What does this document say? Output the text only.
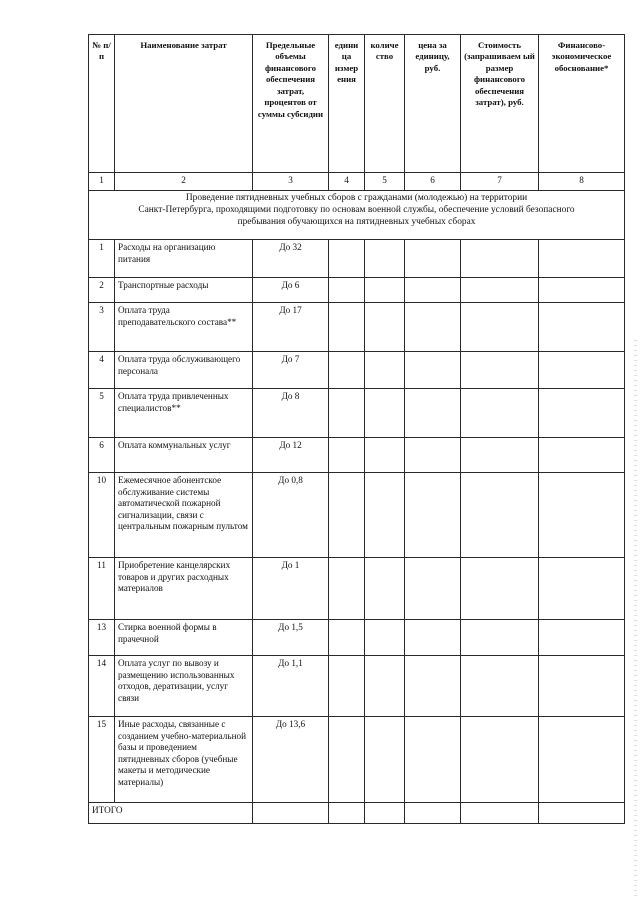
№ п/п	Наименование затрат	Предельные объемы финансового обеспечения затрат, процентов от суммы субсидии	едини ца измер ения	количе ство	цена за единицу, руб.	Стоимость (запрашиваем ый размер финансового обеспечения затрат), руб.	Финансово-экономическое обоснование*
1	2	3	4	5	6	7	8

Проведение пятидневных учебных сборов с гражданами (молодежью) на территории
Санкт-Петербурга, проходящими подготовку по основам военной службы, обеспечение условий безопасного
пребывания обучающихся на пятидневных учебных сборах							

1	Расходы на организацию питания	До 32					
2	Транспортные расходы	До 6					
3	Оплата труда преподавательского состава**	До 17					
4	Оплата труда обслуживающего персонала	До 7					
5	Оплата труда привлеченных специалистов**	До 8					
6	Оплата коммунальных услуг	До 12					
10	Ежемесячное абонентское обслуживание системы автоматической пожарной сигнализации, связи с центральным пожарным пультом	До 0,8					
11	Приобретение канцелярских товаров и других расходных материалов	До 1					
13	Стирка военной формы в прачечной	До 1,5					
14	Оплата услуг по вывозу и размещению использованных отходов, дератизации, услуг связи	До 1,1					
15	Иные расходы, связанные с созданием учебно-материальной базы и проведением пятидневных сборов (учебные макеты и методические материалы)	До 13,6					
ИТОГО							
